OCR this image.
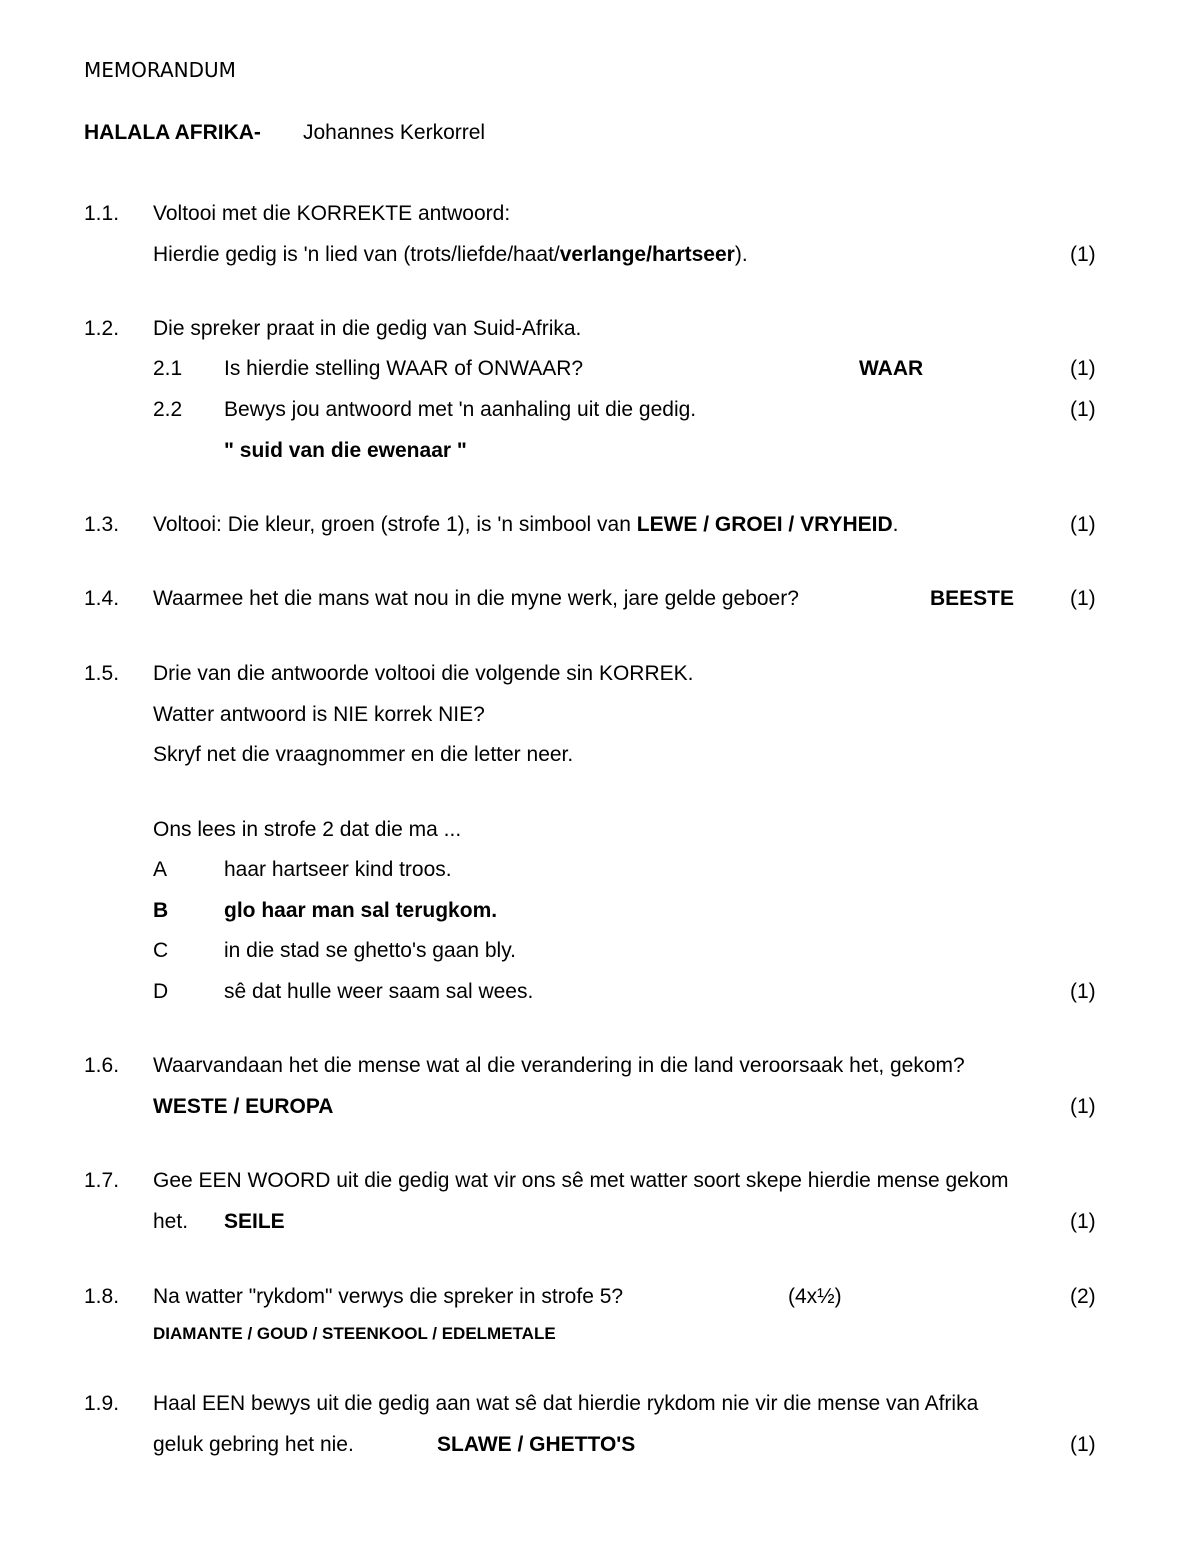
MEMORANDUM
HALALA AFRIKA- Johannes Kerkorrel
1.1. Voltooi met die KORREKTE antwoord:
Hierdie gedig is 'n lied van (trots/liefde/haat/verlange/hartseer).	(1)
1.2. Die spreker praat in die gedig van Suid-Afrika.
2.1 Is hierdie stelling WAAR of ONWAAR?	WAAR	(1)
2.2 Bewys jou antwoord met 'n aanhaling uit die gedig.	(1)
" suid van die ewenaar "
1.3. Voltooi: Die kleur, groen (strofe 1), is 'n simbool van LEWE / GROEI / VRYHEID.	(1)
1.4. Waarmee het die mans wat nou in die myne werk, jare gelde geboer?	BEESTE	(1)
1.5. Drie van die antwoorde voltooi die volgende sin KORREK.
Watter antwoord is NIE korrek NIE?
Skryf net die vraagnommer en die letter neer.
Ons lees in strofe 2 dat die ma ...
A	haar hartseer kind troos.
B	glo haar man sal terugkom.
C	in die stad se ghetto's gaan bly.
D	sê dat hulle weer saam sal wees.	(1)
1.6. Waarvandaan het die mense wat al die verandering in die land veroorsaak het, gekom?
WESTE / EUROPA	(1)
1.7. Gee EEN WOORD uit die gedig wat vir ons sê met watter soort skepe hierdie mense gekom
het. SEILE	(1)
1.8. Na watter "rykdom" verwys die spreker in strofe 5?	(4x½)	(2)
DIAMANTE / GOUD / STEENKOOL / EDELMETALE
1.9. Haal EEN bewys uit die gedig aan wat sê dat hierdie rykdom nie vir die mense van Afrika
geluk gebring het nie.	SLAWE / GHETTO'S	(1)
